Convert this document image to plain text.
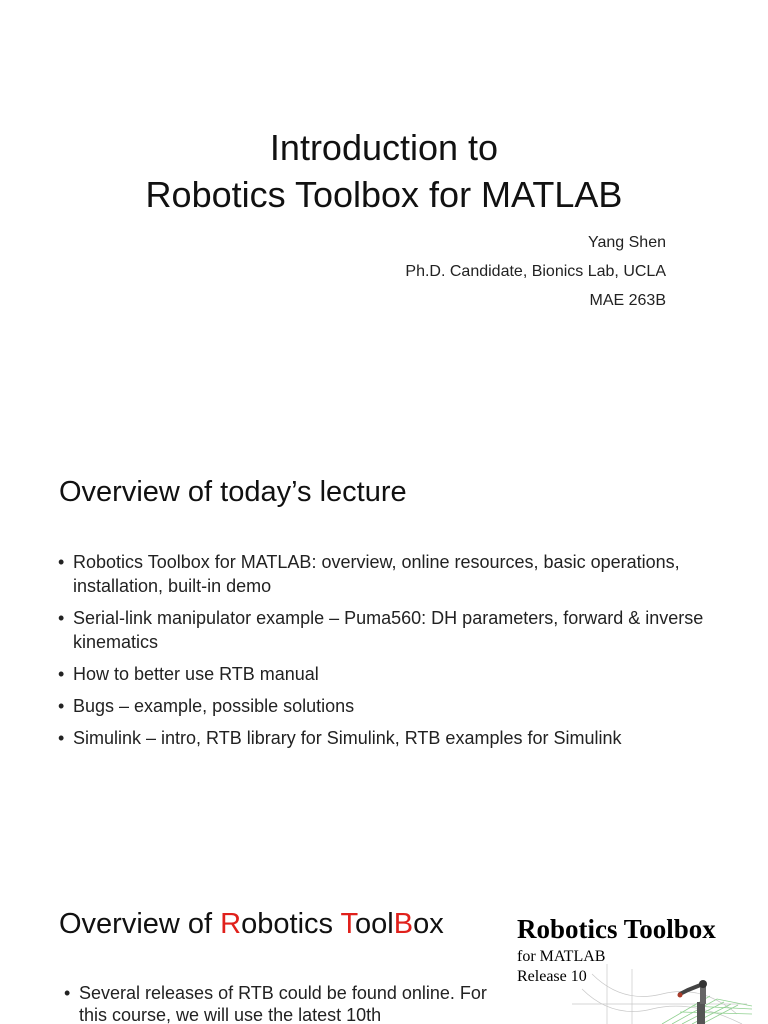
Introduction to
Robotics Toolbox for MATLAB
Yang Shen
Ph.D. Candidate, Bionics Lab, UCLA
MAE 263B
Overview of today’s lecture
• Robotics Toolbox for MATLAB: overview, online resources, basic operations, installation, built-in demo
• Serial-link manipulator example – Puma560: DH parameters, forward & inverse kinematics
• How to better use RTB manual
• Bugs – example, possible solutions
• Simulink – intro, RTB library for Simulink, RTB examples for Simulink
Overview of Robotics ToolBox
• Several releases of RTB could be found online. For this course, we will use the latest 10th
Robotics Toolbox
for MATLAB
Release 10
